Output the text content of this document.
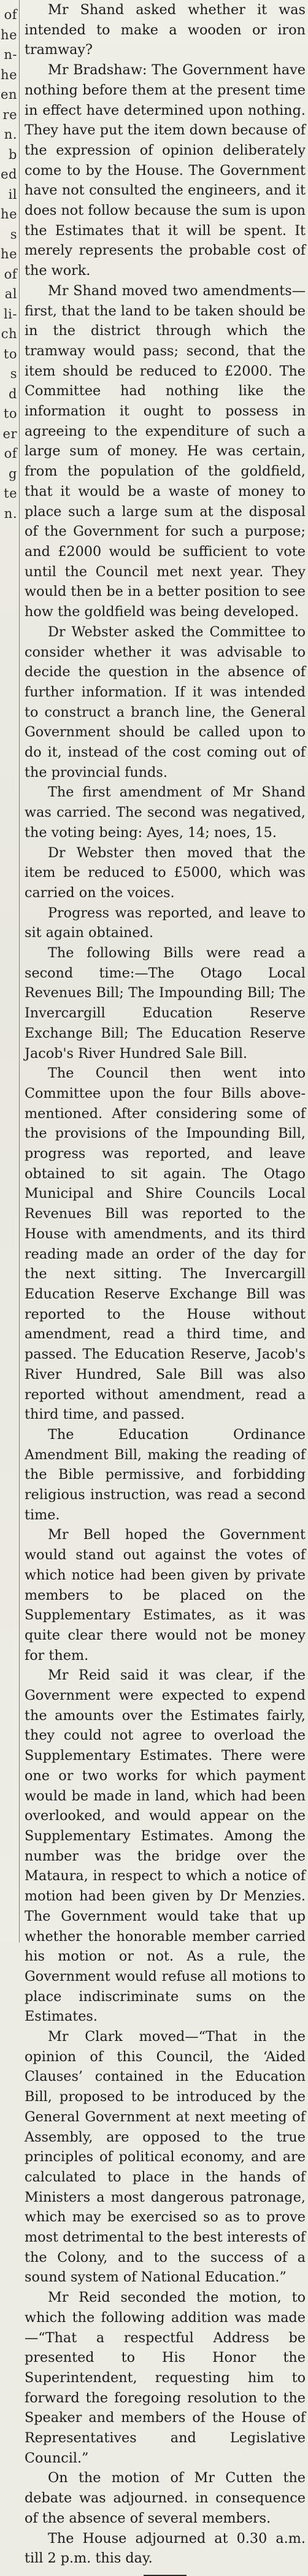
of
he
n-
he
en
re
n.
b
ed
il
he
s
he
of
al
li-
ch
to
s
d
to
er
of
g
te
n.

Mr Shand asked whether it was intended to make a wooden or iron tramway?

Mr Bradshaw: The Government have nothing before them at the present time in effect have determined upon nothing. They have put the item down because of the expression of opinion deliberately come to by the House. The Government have not consulted the engineers, and it does not follow because the sum is upon the Estimates that it will be spent. It merely represents the probable cost of the work.

Mr Shand moved two amendments—first, that the land to be taken should be in the district through which the tramway would pass; second, that the item should be reduced to £2000. The Committee had nothing like the information it ought to possess in agreeing to the expenditure of such a large sum of money. He was certain, from the population of the goldfield, that it would be a waste of money to place such a large sum at the disposal of the Government for such a purpose; and £2000 would be sufficient to vote until the Council met next year. They would then be in a better position to see how the goldfield was being developed.

Dr Webster asked the Committee to consider whether it was advisable to decide the question in the absence of further information. If it was intended to construct a branch line, the General Government should be called upon to do it, instead of the cost coming out of the provincial funds.

The first amendment of Mr Shand was carried. The second was negatived, the voting being: Ayes, 14; noes, 15.

Dr Webster then moved that the item be reduced to £5000, which was carried on the voices.

Progress was reported, and leave to sit again obtained.

The following Bills were read a second time:—The Otago Local Revenues Bill; The Impounding Bill; The Invercargill Education Reserve Exchange Bill; The Education Reserve Jacob's River Hundred Sale Bill.

The Council then went into Committee upon the four Bills above-mentioned. After considering some of the provisions of the Impounding Bill, progress was reported, and leave obtained to sit again. The Otago Municipal and Shire Councils Local Revenues Bill was reported to the House with amendments, and its third reading made an order of the day for the next sitting. The Invercargill Education Reserve Exchange Bill was reported to the House without amendment, read a third time, and passed. The Education Reserve, Jacob's River Hundred, Sale Bill was also reported without amendment, read a third time, and passed.

The Education Ordinance Amendment Bill, making the reading of the Bible permissive, and forbidding religious instruction, was read a second time.

Mr Bell hoped the Government would stand out against the votes of which notice had been given by private members to be placed on the Supplementary Estimates, as it was quite clear there would not be money for them.

Mr Reid said it was clear, if the Government were expected to expend the amounts over the Estimates fairly, they could not agree to overload the Supplementary Estimates. There were one or two works for which payment would be made in land, which had been overlooked, and would appear on the Supplementary Estimates. Among the number was the bridge over the Mataura, in respect to which a notice of motion had been given by Dr Menzies. The Government would take that up whether the honorable member carried his motion or not. As a rule, the Government would refuse all motions to place indiscriminate sums on the Estimates.

Mr Clark moved—“That in the opinion of this Council, the ‘Aided Clauses’ contained in the Education Bill, proposed to be introduced by the General Government at next meeting of Assembly, are opposed to the true principles of political economy, and are calculated to place in the hands of Ministers a most dangerous patronage, which may be exercised so as to prove most detrimental to the best interests of the Colony, and to the success of a sound system of National Education.”

Mr Reid seconded the motion, to which the following addition was made—“That a respectful Address be presented to His Honor the Superintendent, requesting him to forward the foregoing resolution to the Speaker and members of the House of Representatives and Legislative Council.”

On the motion of Mr Cutten the debate was adjourned. in consequence of the absence of several members.

The House adjourned at 0.30 a.m. till 2 p.m. this day.
